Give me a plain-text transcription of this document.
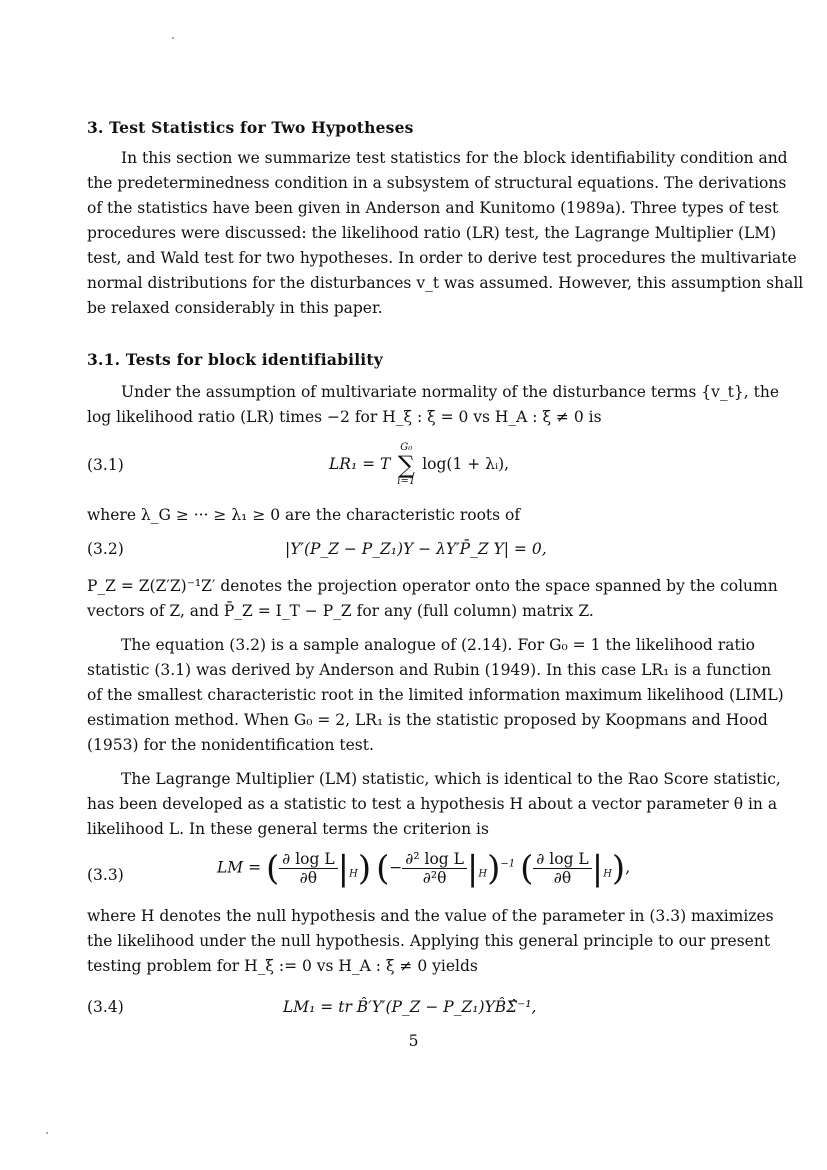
3. Test Statistics for Two Hypotheses
In this section we summarize test statistics for the block identifiability condition and
the predeterminedness condition in a subsystem of structural equations. The derivations
of the statistics have been given in Anderson and Kunitomo (1989a). Three types of test
procedures were discussed: the likelihood ratio (LR) test, the Lagrange Multiplier (LM)
test, and Wald test for two hypotheses. In order to derive test procedures the multivariate
normal distributions for the disturbances v_t was assumed. However, this assumption shall
be relaxed considerably in this paper.
3.1. Tests for block identifiability
Under the assumption of multivariate normality of the disturbance terms {v_t}, the
log likelihood ratio (LR) times −2 for H_ξ : ξ = 0 vs H_A : ξ ≠ 0 is
(3.1)	LR₁ = T
G₀
∑
i=1
log(1 + λᵢ),
where λ_G ≥ ··· ≥ λ₁ ≥ 0 are the characteristic roots of
(3.2)	|Y′(P_Z − P_Z₁)Y − λY′P̄_Z Y| = 0,
P_Z = Z(Z′Z)⁻¹Z′ denotes the projection operator onto the space spanned by the column
vectors of Z, and P̄_Z = I_T − P_Z for any (full column) matrix Z.
The equation (3.2) is a sample analogue of (2.14). For G₀ = 1 the likelihood ratio
statistic (3.1) was derived by Anderson and Rubin (1949). In this case LR₁ is a function
of the smallest characteristic root in the limited information maximum likelihood (LIML)
estimation method. When G₀ = 2, LR₁ is the statistic proposed by Koopmans and Hood
(1953) for the nonidentification test.
The Lagrange Multiplier (LM) statistic, which is identical to the Rao Score statistic,
has been developed as a statistic to test a hypothesis H about a vector parameter θ in a
likelihood L. In these general terms the criterion is
(3.3)	LM = ( $\frac{\text{∂ log L}}{\partial\theta} |_H$) (− $\frac{\text{∂² log L}}{\text{∂²θ}} |_H)^{-1}$ ( $\frac{\text{∂ log L}}{\partial\theta} |_H$),
where H denotes the null hypothesis and the value of the parameter in (3.3) maximizes
the likelihood under the null hypothesis. Applying this general principle to our present
testing problem for H_ξ := 0 vs H_A : ξ ≠ 0 yields
(3.4)	LM₁ = tr B̂′Y′(P_Z − P_Z₁)YB̂Σ̂⁻¹,
5
